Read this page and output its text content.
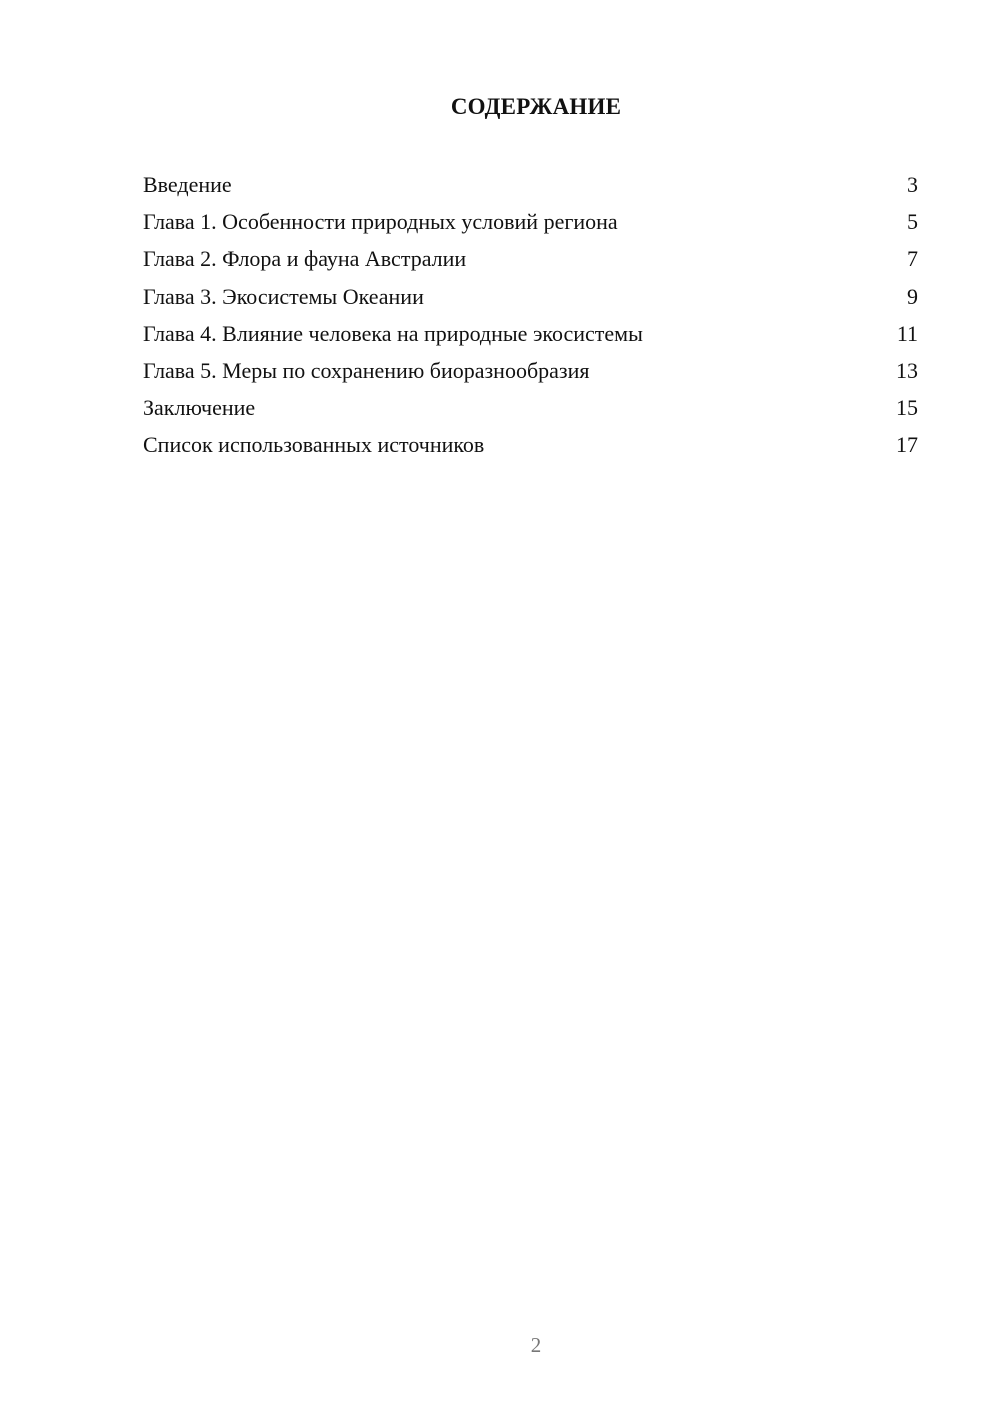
СОДЕРЖАНИЕ
Введение	3
Глава 1. Особенности природных условий региона	5
Глава 2. Флора и фауна Австралии	7
Глава 3. Экосистемы Океании	9
Глава 4. Влияние человека на природные экосистемы	11
Глава 5. Меры по сохранению биоразнообразия	13
Заключение	15
Список использованных источников	17
2
